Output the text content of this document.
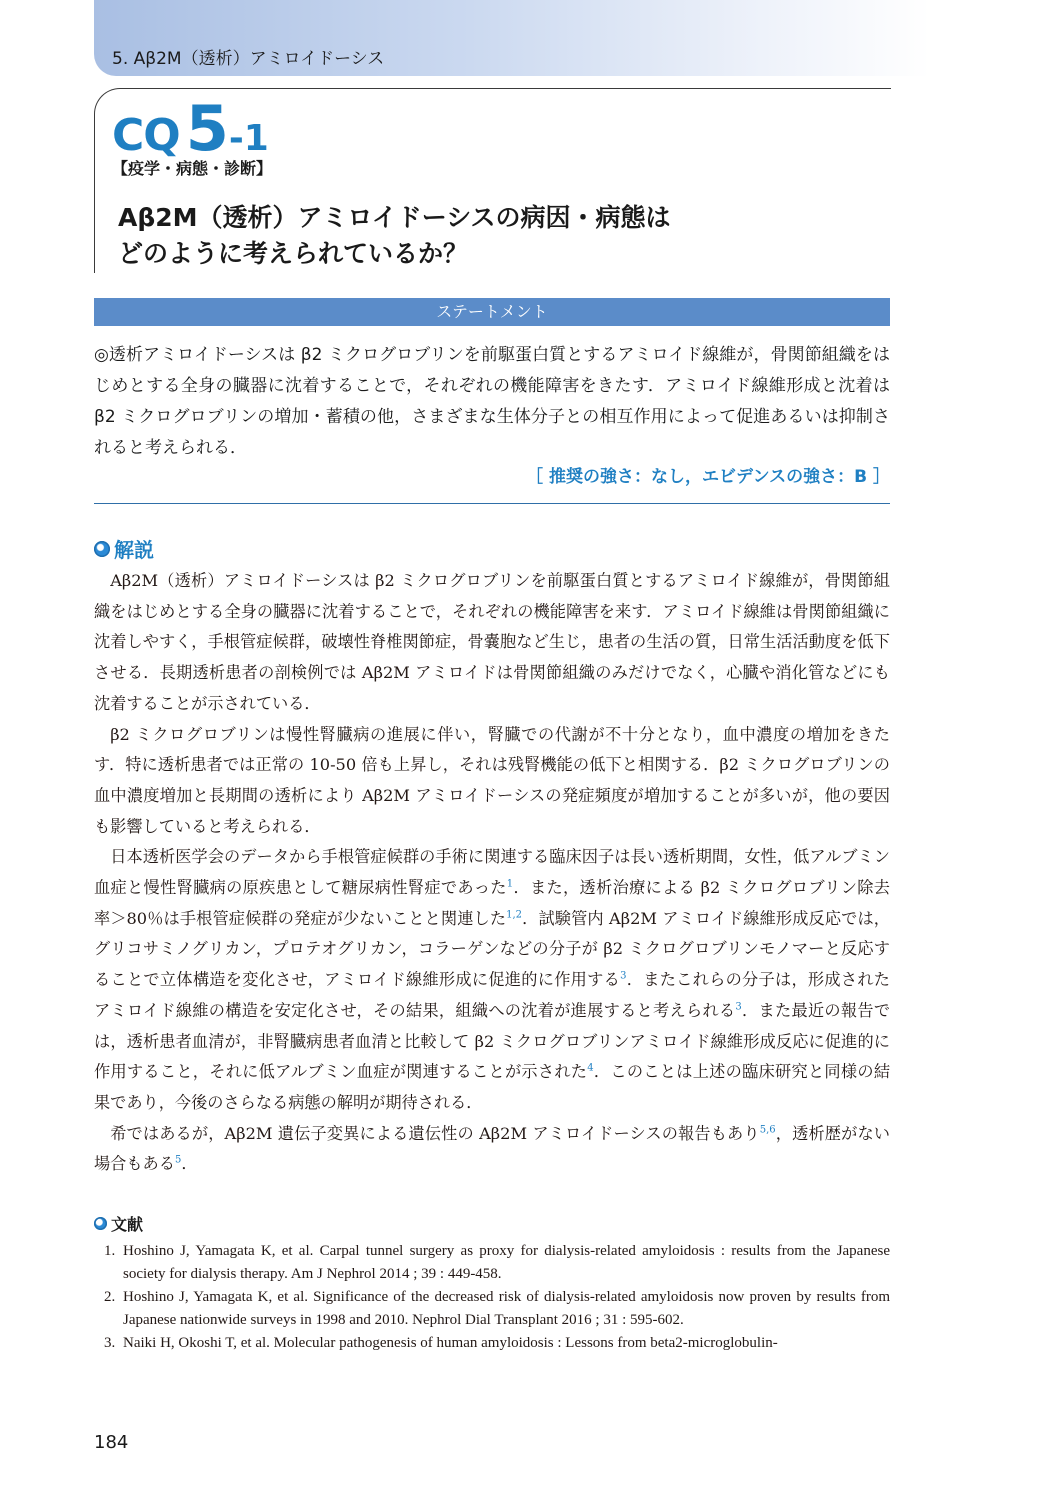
5. Aβ2M（透析）アミロイドーシス
CQ5-1
【疫学・病態・診断】
Aβ2M（透析）アミロイドーシスの病因・病態は
どのように考えられているか？
ステートメント
◎透析アミロイドーシスは β2 ミクログロブリンを前駆蛋白質とするアミロイド線維が，骨関節組織をはじめとする全身の臓器に沈着することで，それぞれの機能障害をきたす．アミロイド線維形成と沈着は β2 ミクログロブリンの増加・蓄積の他，さまざまな生体分子との相互作用によって促進あるいは抑制されると考えられる．
［ 推奨の強さ：なし，エビデンスの強さ：B ］
解説

Aβ2M（透析）アミロイドーシスは β2 ミクログロブリンを前駆蛋白質とするアミロイド線維が，骨関節組織をはじめとする全身の臓器に沈着することで，それぞれの機能障害を来す．アミロイド線維は骨関節組織に沈着しやすく，手根管症候群，破壊性脊椎関節症，骨嚢胞など生じ，患者の生活の質，日常生活活動度を低下させる．長期透析患者の剖検例では Aβ2M アミロイドは骨関節組織のみだけでなく，心臓や消化管などにも沈着することが示されている．

β2 ミクログロブリンは慢性腎臓病の進展に伴い，腎臓での代謝が不十分となり，血中濃度の増加をきたす．特に透析患者では正常の 10-50 倍も上昇し，それは残腎機能の低下と相関する．β2 ミクログロブリンの血中濃度増加と長期間の透析により Aβ2M アミロイドーシスの発症頻度が増加することが多いが，他の要因も影響していると考えられる．

日本透析医学会のデータから手根管症候群の手術に関連する臨床因子は長い透析期間，女性，低アルブミン血症と慢性腎臓病の原疾患として糖尿病性腎症であった$^1$．また，透析治療による β2 ミクログロブリン除去率＞80％は手根管症候群の発症が少ないことと関連した$^{1,2}$．試験管内 Aβ2M アミロイド線維形成反応では，グリコサミノグリカン，プロテオグリカン，コラーゲンなどの分子が β2 ミクログロブリンモノマーと反応することで立体構造を変化させ，アミロイド線維形成に促進的に作用する$^3$．またこれらの分子は，形成されたアミロイド線維の構造を安定化させ，その結果，組織への沈着が進展すると考えられる$^3$．また最近の報告では，透析患者血清が，非腎臓病患者血清と比較して β2 ミクログロブリンアミロイド線維形成反応に促進的に作用すること，それに低アルブミン血症が関連することが示された$^4$．このことは上述の臨床研究と同様の結果であり，今後のさらなる病態の解明が期待される．

希ではあるが，Aβ2M 遺伝子変異による遺伝性の Aβ2M アミロイドーシスの報告もあり$^{5,6}$，透析歴がない場合もある$^5$．

文献
1. Hoshino J, Yamagata K, et al. Carpal tunnel surgery as proxy for dialysis-related amyloidosis : results from the Japanese society for dialysis therapy. Am J Nephrol 2014 ; 39 : 449-458.
2. Hoshino J, Yamagata K, et al. Significance of the decreased risk of dialysis-related amyloidosis now proven by results from Japanese nationwide surveys in 1998 and 2010. Nephrol Dial Transplant 2016 ; 31 : 595-602.
3. Naiki H, Okoshi T, et al. Molecular pathogenesis of human amyloidosis : Lessons from beta2-microglobulin-
184
